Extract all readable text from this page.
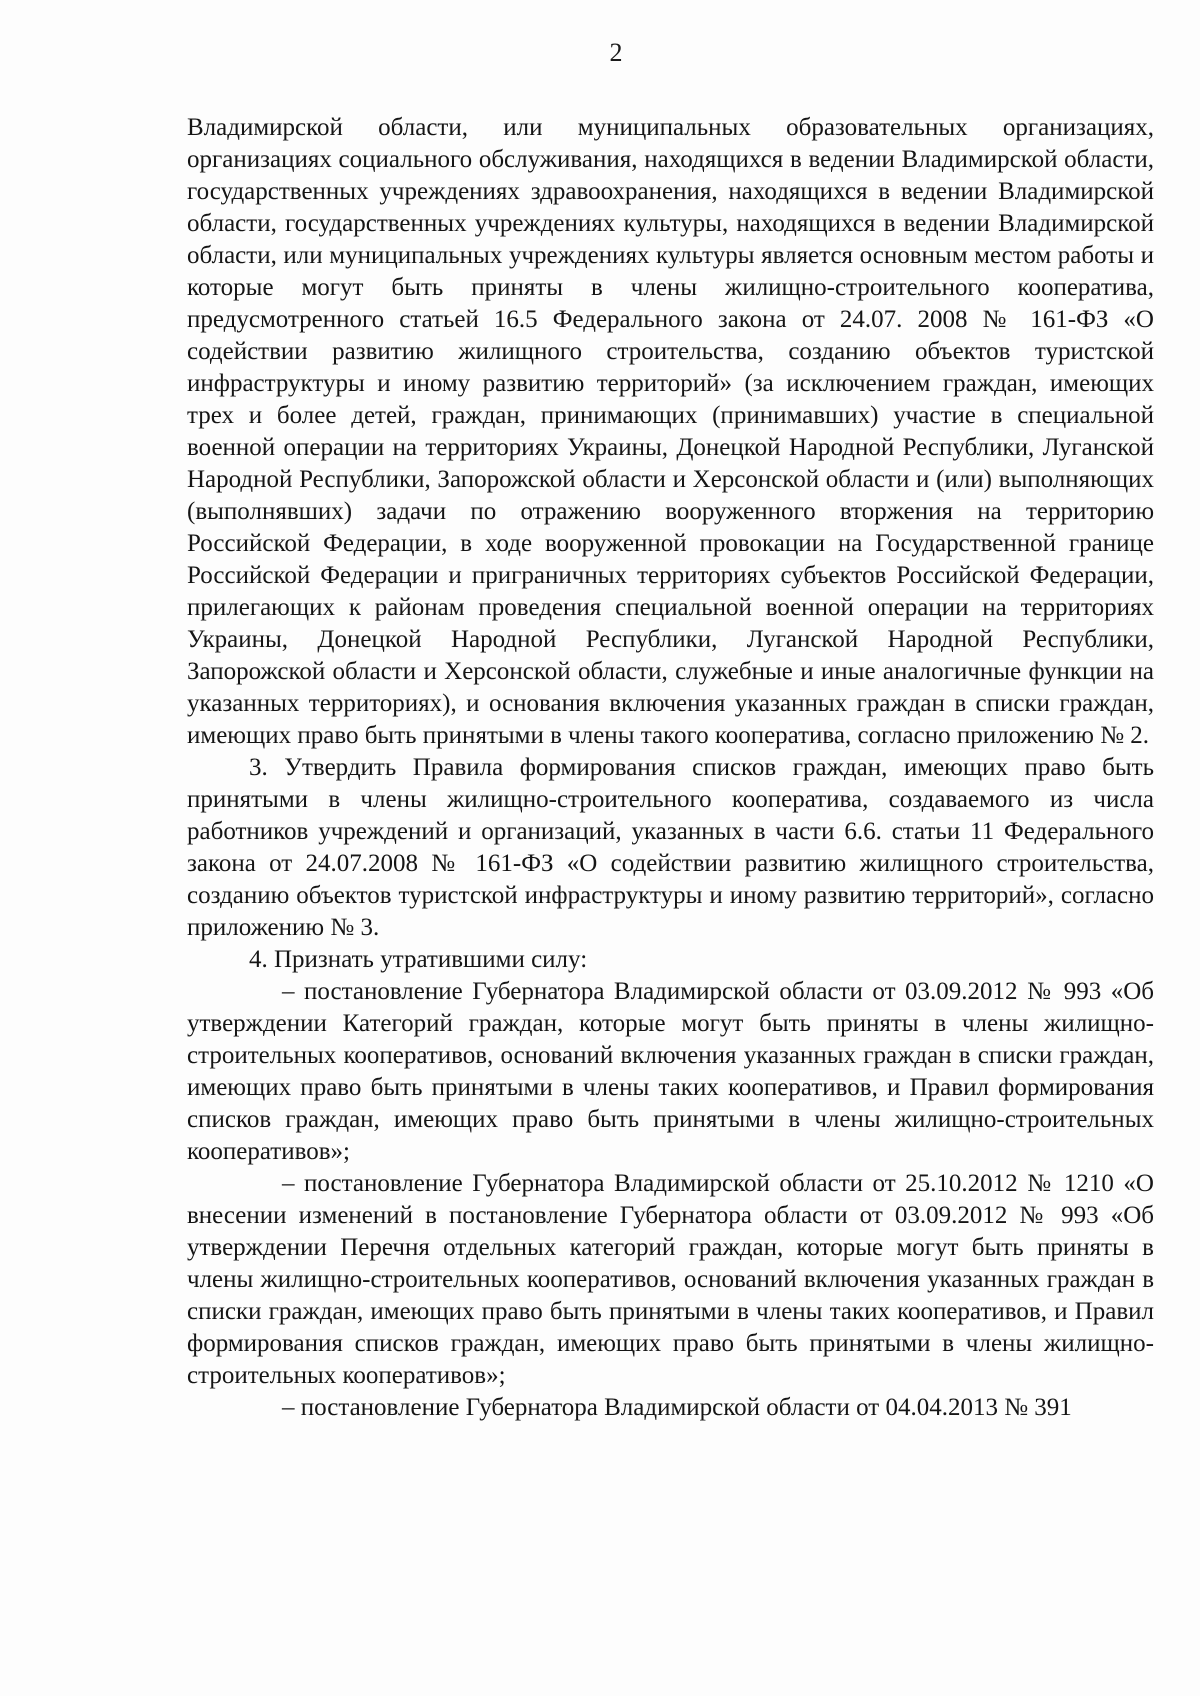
2

Владимирской области, или муниципальных образовательных организациях, организациях социального обслуживания, находящихся в ведении Владимирской области, государственных учреждениях здравоохранения, находящихся в ведении Владимирской области, государственных учреждениях культуры, находящихся в ведении Владимирской области, или муниципальных учреждениях культуры является основным местом работы и которые могут быть приняты в члены жилищно-строительного кооператива, предусмотренного статьей 16.5 Федерального закона от 24.07. 2008 № 161-ФЗ «О содействии развитию жилищного строительства, созданию объектов туристской инфраструктуры и иному развитию территорий» (за исключением граждан, имеющих трех и более детей, граждан, принимающих (принимавших) участие в специальной военной операции на территориях Украины, Донецкой Народной Республики, Луганской Народной Республики, Запорожской области и Херсонской области и (или) выполняющих (выполнявших) задачи по отражению вооруженного вторжения на территорию Российской Федерации, в ходе вооруженной провокации на Государственной границе Российской Федерации и приграничных территориях субъектов Российской Федерации, прилегающих к районам проведения специальной военной операции на территориях Украины, Донецкой Народной Республики, Луганской Народной Республики, Запорожской области и Херсонской области, служебные и иные аналогичные функции на указанных территориях), и основания включения указанных граждан в списки граждан, имеющих право быть принятыми в члены такого кооператива, согласно приложению № 2.

3. Утвердить Правила формирования списков граждан, имеющих право быть принятыми в члены жилищно-строительного кооператива, создаваемого из числа работников учреждений и организаций, указанных в части 6.6. статьи 11 Федерального закона от 24.07.2008 № 161-ФЗ «О содействии развитию жилищного строительства, созданию объектов туристской инфраструктуры и иному развитию территорий», согласно приложению № 3.

4. Признать утратившими силу:

– постановление Губернатора Владимирской области от 03.09.2012 № 993 «Об утверждении Категорий граждан, которые могут быть приняты в члены жилищно-строительных кооперативов, оснований включения указанных граждан в списки граждан, имеющих право быть принятыми в члены таких кооперативов, и Правил формирования списков граждан, имеющих право быть принятыми в члены жилищно-строительных кооперативов»;

– постановление Губернатора Владимирской области от 25.10.2012 № 1210 «О внесении изменений в постановление Губернатора области от 03.09.2012 № 993 «Об утверждении Перечня отдельных категорий граждан, которые могут быть приняты в члены жилищно-строительных кооперативов, оснований включения указанных граждан в списки граждан, имеющих право быть принятыми в члены таких кооперативов, и Правил формирования списков граждан, имеющих право быть принятыми в члены жилищно-строительных кооперативов»;

– постановление Губернатора Владимирской области от 04.04.2013 № 391
